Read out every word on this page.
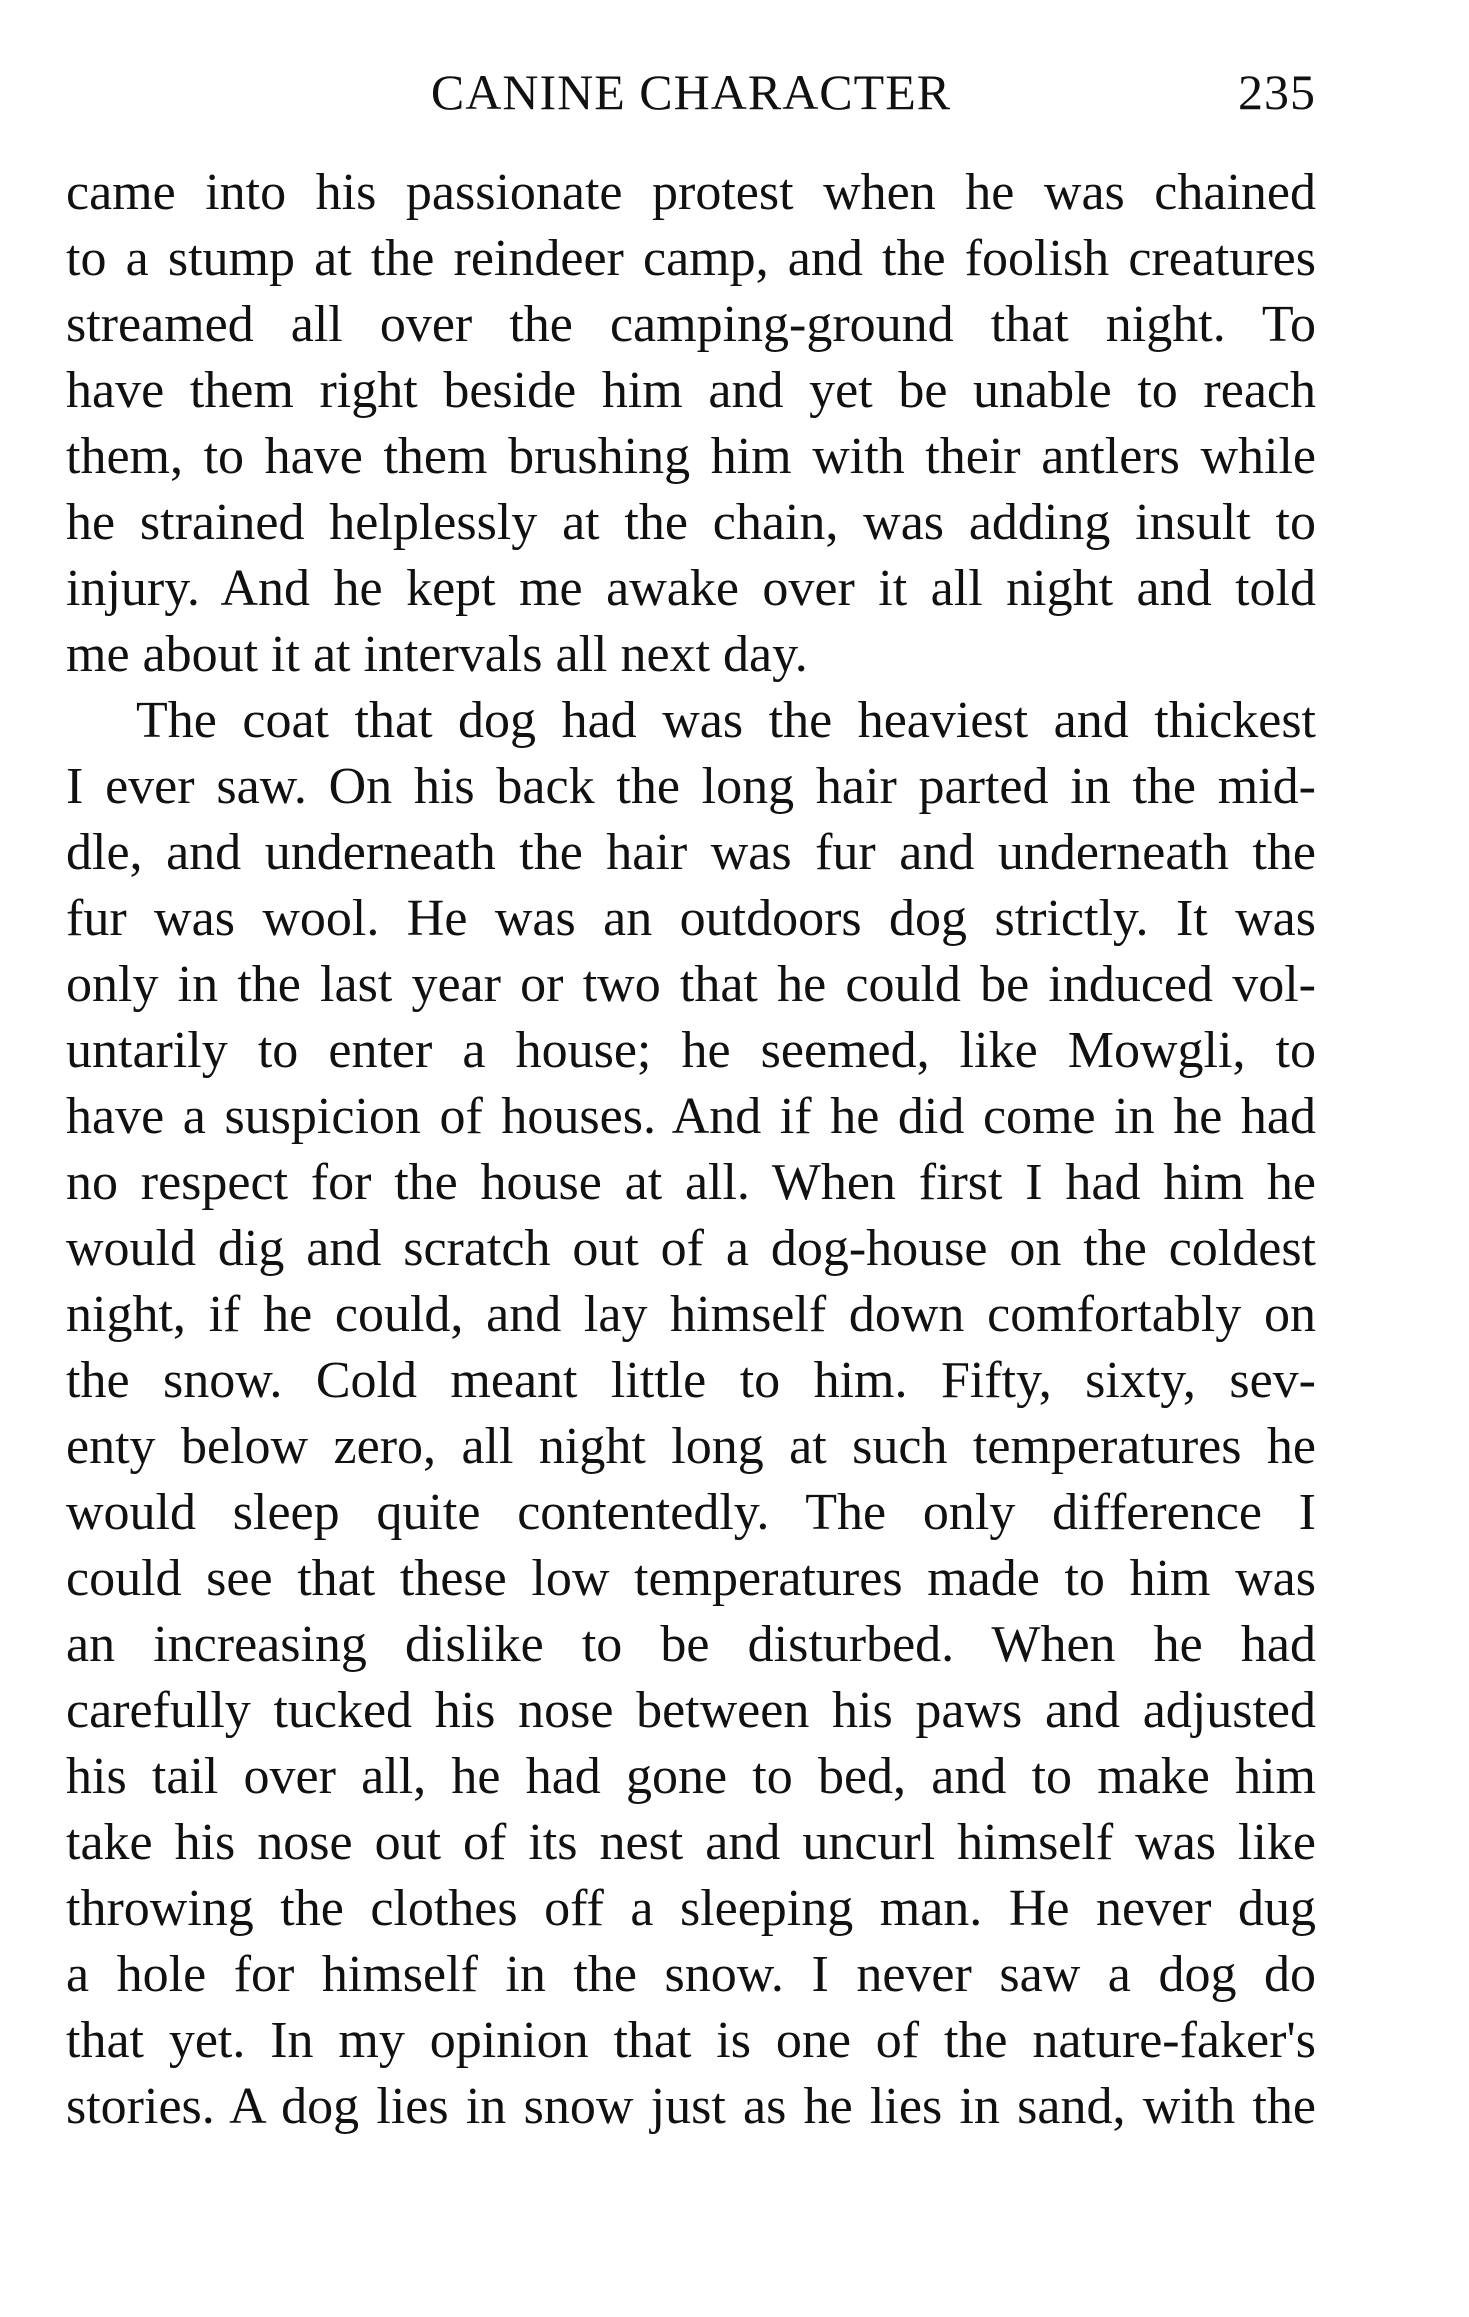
CANINE CHARACTER	235
came into his passionate protest when he was chained
to a stump at the reindeer camp, and the foolish creatures
streamed all over the camping-ground that night. To
have them right beside him and yet be unable to reach
them, to have them brushing him with their antlers while
he strained helplessly at the chain, was adding insult to
injury. And he kept me awake over it all night and told
me about it at intervals all next day.
The coat that dog had was the heaviest and thickest
I ever saw. On his back the long hair parted in the mid-
dle, and underneath the hair was fur and underneath the
fur was wool. He was an outdoors dog strictly. It was
only in the last year or two that he could be induced vol-
untarily to enter a house; he seemed, like Mowgli, to
have a suspicion of houses. And if he did come in he had
no respect for the house at all. When first I had him he
would dig and scratch out of a dog-house on the coldest
night, if he could, and lay himself down comfortably on
the snow. Cold meant little to him. Fifty, sixty, sev-
enty below zero, all night long at such temperatures he
would sleep quite contentedly. The only difference I
could see that these low temperatures made to him was
an increasing dislike to be disturbed. When he had
carefully tucked his nose between his paws and adjusted
his tail over all, he had gone to bed, and to make him
take his nose out of its nest and uncurl himself was like
throwing the clothes off a sleeping man. He never dug
a hole for himself in the snow. I never saw a dog do
that yet. In my opinion that is one of the nature-faker's
stories. A dog lies in snow just as he lies in sand, with the
